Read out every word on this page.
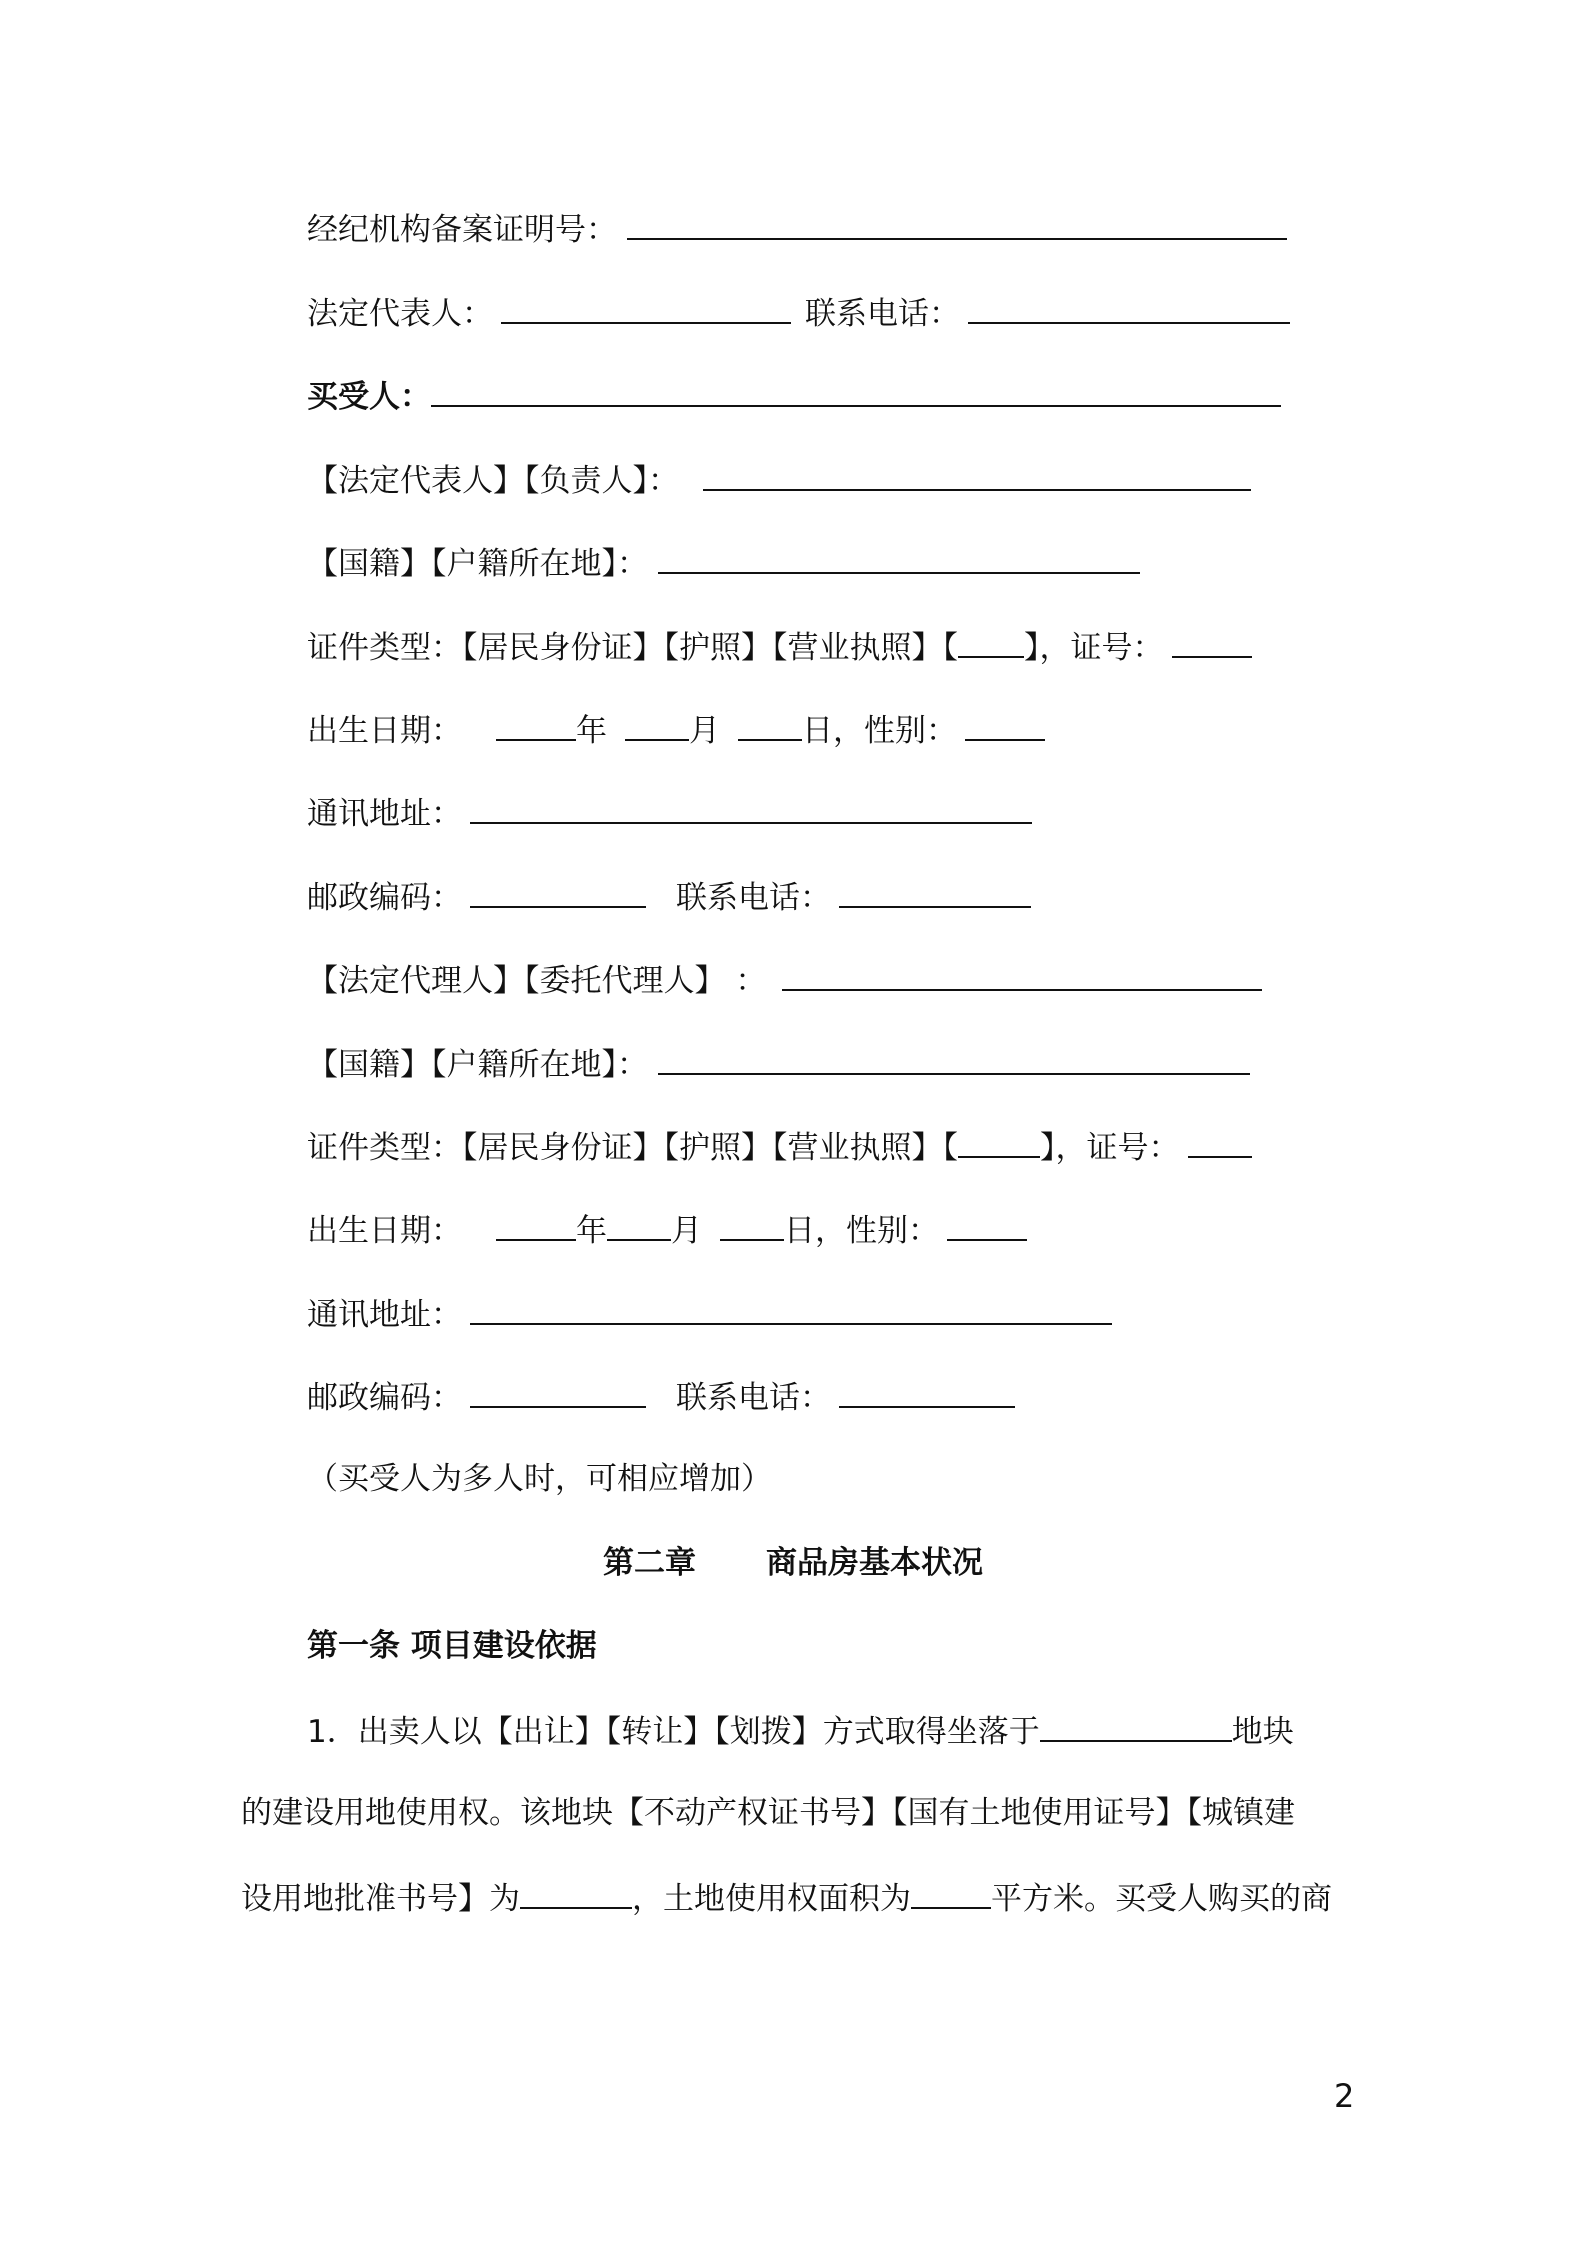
经纪机构备案证明号：
法定代表人：	联系电话：
买受人：
【法定代表人】【负责人】：
【国籍】【户籍所在地】：
证件类型：【居民身份证】【护照】【营业执照】【 】，证号：
出生日期：	年	月	日，性别：
通讯地址：
邮政编码：	联系电话：
【法定代理人】【委托代理人】 ：
【国籍】【户籍所在地】：
证件类型：【居民身份证】【护照】【营业执照】【	】，证号：
出生日期：	年 月	日，性别：
通讯地址：
邮政编码：	联系电话：
（买受人为多人时，可相应增加）
第二章 商品房基本状况
第一条 项目建设依据
1．出卖人以【出让】【转让】【划拨】方式取得坐落于	地块
的建设用地使用权。该地块【不动产权证书号】【国有土地使用证号】【城镇建
设用地批准书号】为	，土地使用权面积为	平方米。买受人购买的商
2
